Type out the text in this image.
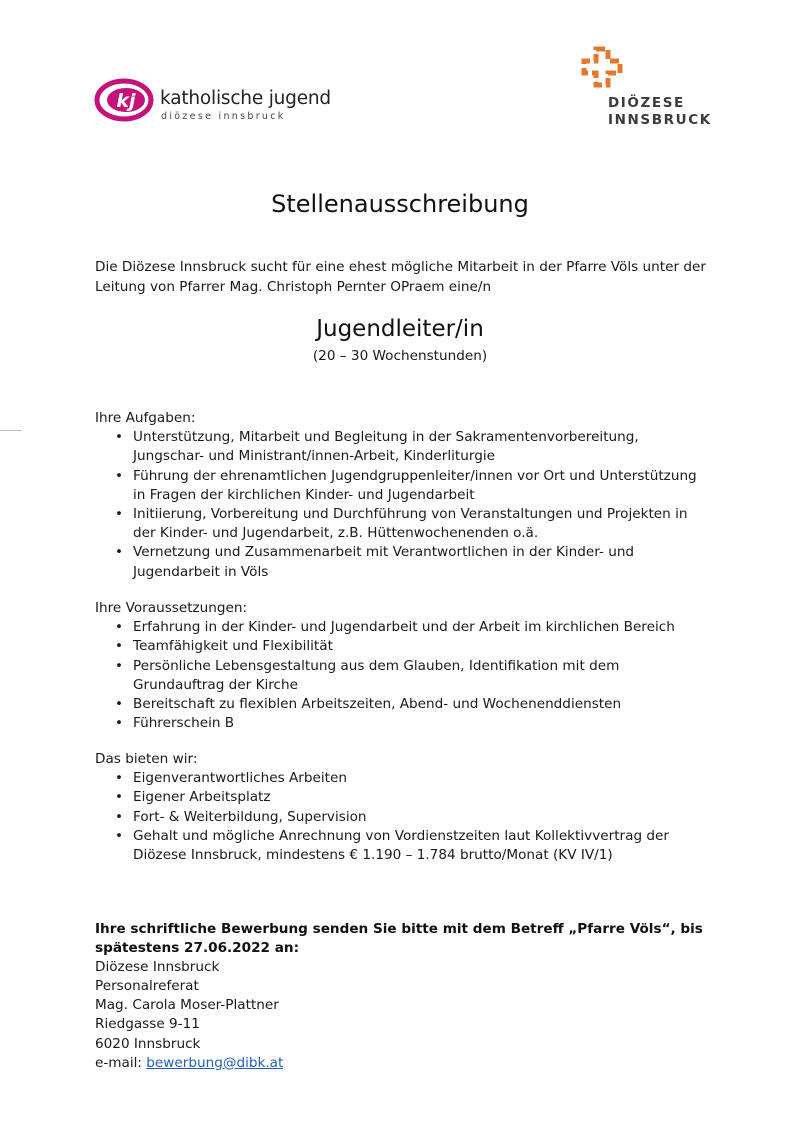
kj katholische jugend
diözese innsbruck
DIÖZESE
INNSBRUCK
Stellenausschreibung
Die Diözese Innsbruck sucht für eine ehest mögliche Mitarbeit in der Pfarre Völs unter der Leitung von Pfarrer Mag. Christoph Pernter OPraem eine/n
Jugendleiter/in
(20 – 30 Wochenstunden)
Ihre Aufgaben:
• Unterstützung, Mitarbeit und Begleitung in der Sakramentenvorbereitung, Jungschar- und Ministrant/innen-Arbeit, Kinderliturgie
• Führung der ehrenamtlichen Jugendgruppenleiter/innen vor Ort und Unterstützung in Fragen der kirchlichen Kinder- und Jugendarbeit
• Initiierung, Vorbereitung und Durchführung von Veranstaltungen und Projekten in der Kinder- und Jugendarbeit, z.B. Hüttenwochenenden o.ä.
• Vernetzung und Zusammenarbeit mit Verantwortlichen in der Kinder- und Jugendarbeit in Völs
Ihre Voraussetzungen:
• Erfahrung in der Kinder- und Jugendarbeit und der Arbeit im kirchlichen Bereich
• Teamfähigkeit und Flexibilität
• Persönliche Lebensgestaltung aus dem Glauben, Identifikation mit dem Grundauftrag der Kirche
• Bereitschaft zu flexiblen Arbeitszeiten, Abend- und Wochenenddiensten
• Führerschein B
Das bieten wir:
• Eigenverantwortliches Arbeiten
• Eigener Arbeitsplatz
• Fort- & Weiterbildung, Supervision
• Gehalt und mögliche Anrechnung von Vordienstzeiten laut Kollektivvertrag der Diözese Innsbruck, mindestens € 1.190 – 1.784 brutto/Monat (KV IV/1)
Ihre schriftliche Bewerbung senden Sie bitte mit dem Betreff „Pfarre Völs“, bis spätestens 27.06.2022 an:
Diözese Innsbruck
Personalreferat
Mag. Carola Moser-Plattner
Riedgasse 9-11
6020 Innsbruck
e-mail: bewerbung@dibk.at
